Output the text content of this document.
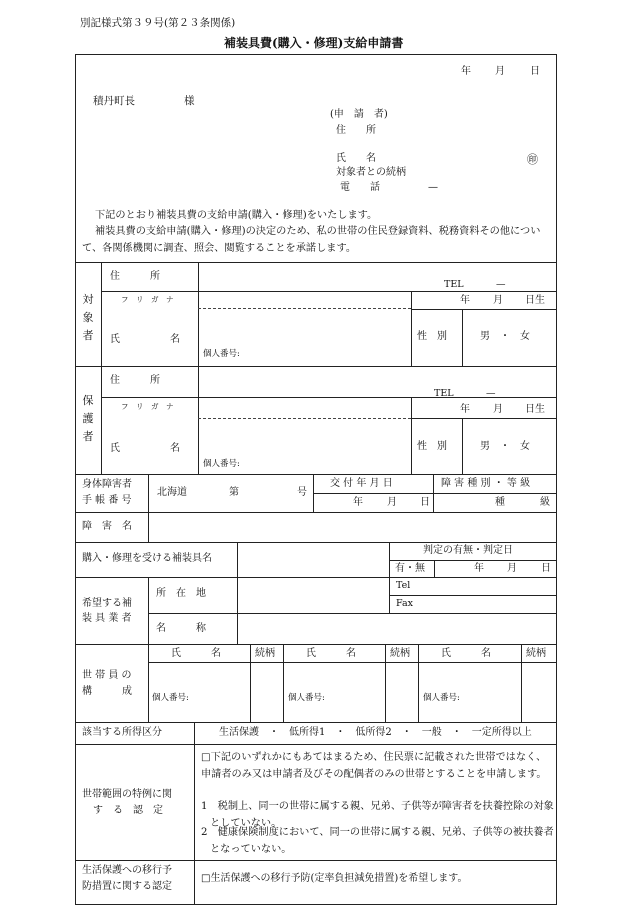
別記様式第３９号(第２３条関係)
補装具費(購入・修理)支給申請書
年 月	日
積丹町長	様
(申　請　者)
住　　所
氏　　名	㊞
対象者との続柄
電　　話	—
下記のとおり補装具費の支給申請(購入・修理)をいたします。
補装具費の支給申請(購入・修理)の決定のため、私の世帯の住民登録資料、税務資料その他について、各関係機関に調査、照会、閲覧することを承諾します。
対象者
住　　　所
TEL	—
フ　リ　ガ　ナ	年 月 日生
氏　　　　　名
個人番号:
性　別	男　・　女
保護者
住　　　所
TEL	—
フ　リ　ガ　ナ	年 月 日生
氏　　　　　名
個人番号:
性　別	男　・　女
身体障害者
手 帳 番 号
北海道	第	号
交 付 年 月 日
年 月 日
障 害 種 別 ・ 等 級
種	級
障　害　名
購入・修理を受ける補装具名
判定の有無・判定日
有・無	年 月 日
希望する補
装 具 業 者
所　在　地
Tel
Fax
名　　　称
世 帯 員 の
構　　　成
氏　　　名	続柄	氏　　　名	続柄	氏　　　名	続柄
個人番号:	個人番号:	個人番号:
該当する所得区分	生活保護　・　低所得1　・　低所得2　・　一般　・　一定所得以上
世帯範囲の特例に関
す　る　認　定
□下記のいずれかにもあてはまるため、住民票に記載された世帯ではなく、申請者のみ又は申請者及びその配偶者のみの世帯とすることを申請します。
1　税制上、同一の世帯に属する親、兄弟、子供等が障害者を扶養控除の対象としていない。
2　健康保険制度において、同一の世帯に属する親、兄弟、子供等の被扶養者となっていない。
生活保護への移行予
防措置に関する認定
□生活保護への移行予防(定率負担減免措置)を希望します。
